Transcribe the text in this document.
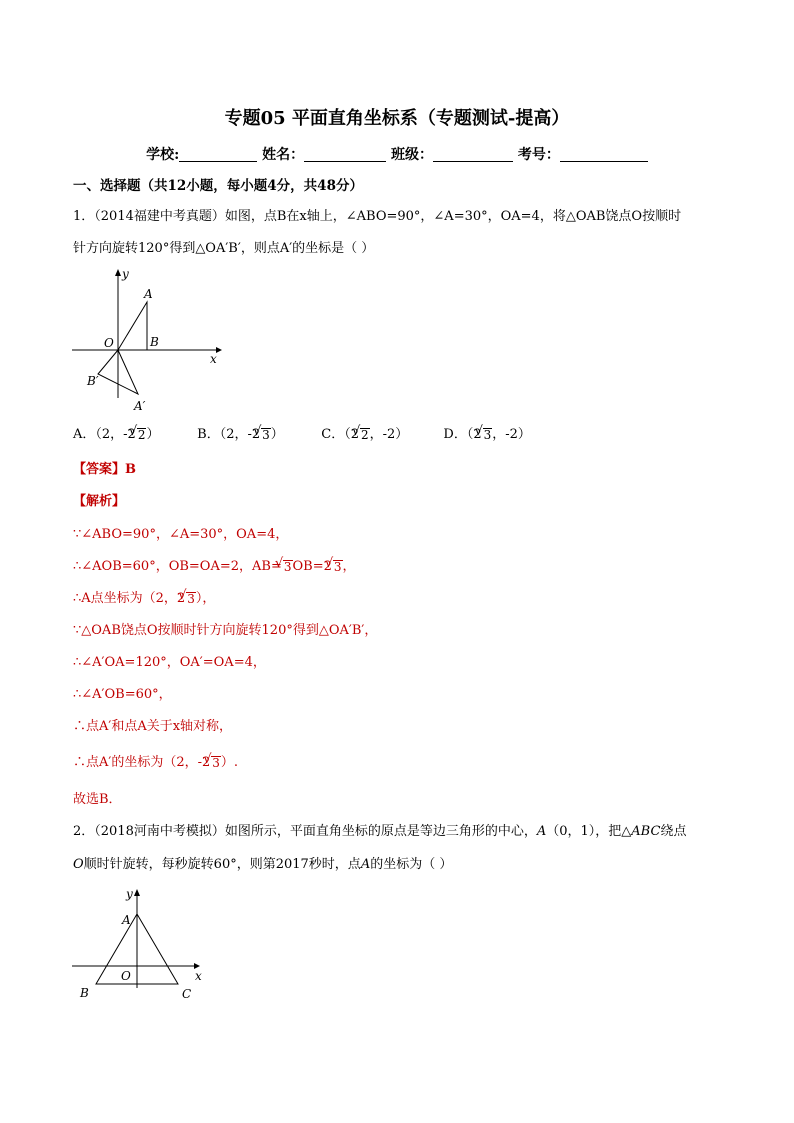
专题05 平面直角坐标系（专题测试-提高）
学校:	姓名：	班级：	考号：
一、选择题（共12小题，每小题4分，共48分）
1．（2014福建中考真题）如图，点B在x轴上，∠ABO=90°，∠A=30°，OA=4，将△OAB饶点O按顺时
针方向旋转120°得到△OA′B′，则点A′的坐标是（ ）
y
x
A
O	B
B′
A′
A．（2，-2 √ 2）	B．（2，-2 √ 3）	C．（2 √ 2，-2）	D．（2 √ 3，-2）
【答案】B
【解析】
∵∠ABO=90°，∠A=30°，OA=4，
∴∠AOB=60°，OB=OA=2，AB= √ 3OB=2 √ 3，
∴A点坐标为（2，2 √ 3），
∵△OAB饶点O按顺时针方向旋转120°得到△OA′B′，
∴∠A′OA=120°，OA′=OA=4，
∴∠A′OB=60°，
∴点A′和点A关于x轴对称，
∴点A′的坐标为（2，-2 √ 3）.
故选B．
2．（2018河南中考模拟）如图所示，平面直角坐标的原点是等边三角形的中心，A（0，1），把△ABC绕点
O顺时针旋转，每秒旋转60°，则第2017秒时，点A的坐标为（ ）
y
x
A
O
B	C
